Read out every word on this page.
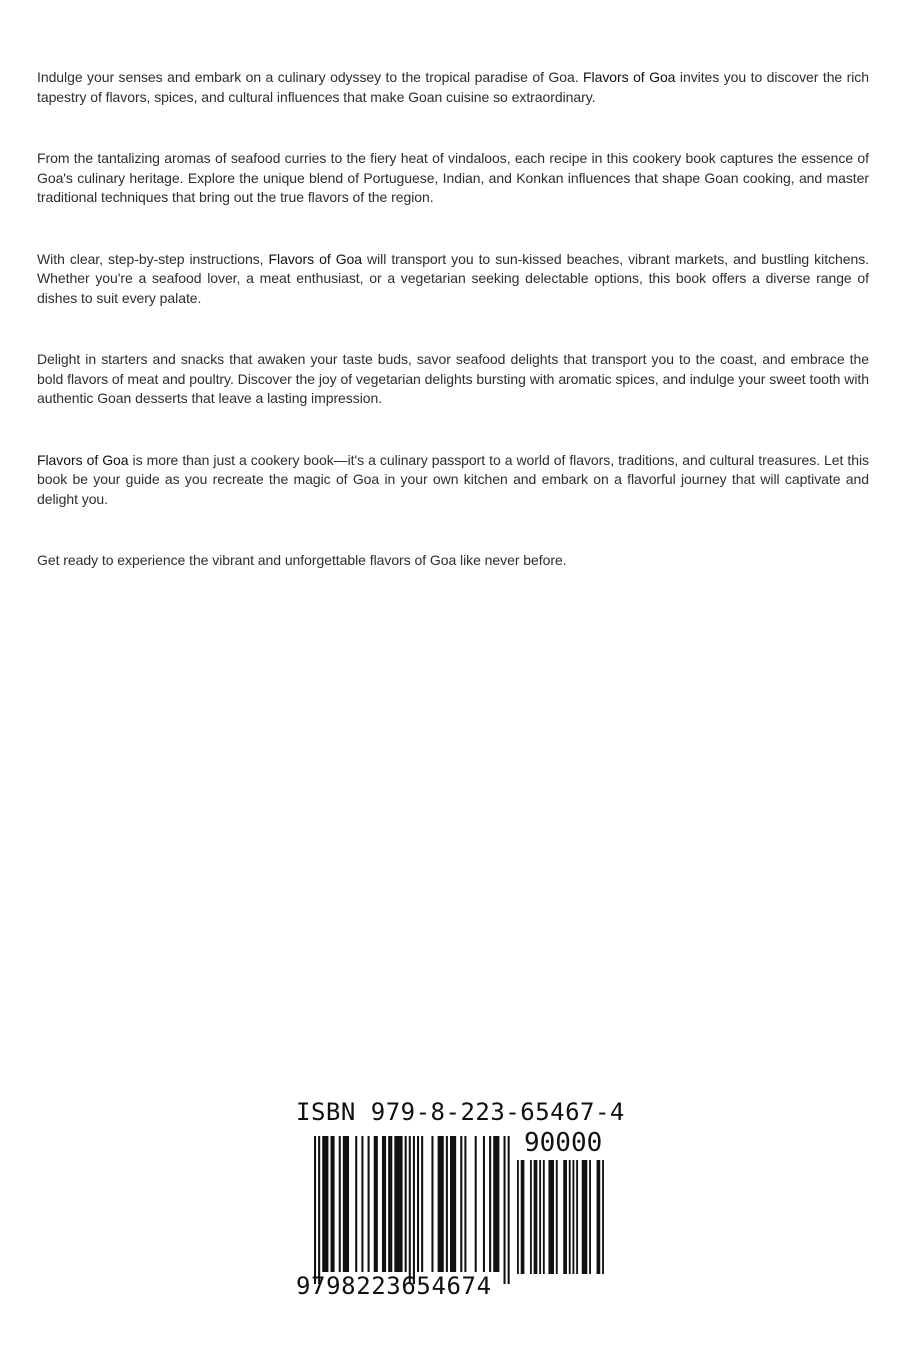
Indulge your senses and embark on a culinary odyssey to the tropical paradise of Goa. Flavors of Goa invites you to discover the rich tapestry of flavors, spices, and cultural influences that make Goan cuisine so extraordinary.

From the tantalizing aromas of seafood curries to the fiery heat of vindaloos, each recipe in this cookery book captures the essence of Goa's culinary heritage. Explore the unique blend of Portuguese, Indian, and Konkan influences that shape Goan cooking, and master traditional techniques that bring out the true flavors of the region.

With clear, step-by-step instructions, Flavors of Goa will transport you to sun-kissed beaches, vibrant markets, and bustling kitchens. Whether you're a seafood lover, a meat enthusiast, or a vegetarian seeking delectable options, this book offers a diverse range of dishes to suit every palate.

Delight in starters and snacks that awaken your taste buds, savor seafood delights that transport you to the coast, and embrace the bold flavors of meat and poultry. Discover the joy of vegetarian delights bursting with aromatic spices, and indulge your sweet tooth with authentic Goan desserts that leave a lasting impression.

Flavors of Goa is more than just a cookery book—it's a culinary passport to a world of flavors, traditions, and cultural treasures. Let this book be your guide as you recreate the magic of Goa in your own kitchen and embark on a flavorful journey that will captivate and delight you.

Get ready to experience the vibrant and unforgettable flavors of Goa like never before.

ISBN 979-8-223-65467-4
90000
9798223654674
